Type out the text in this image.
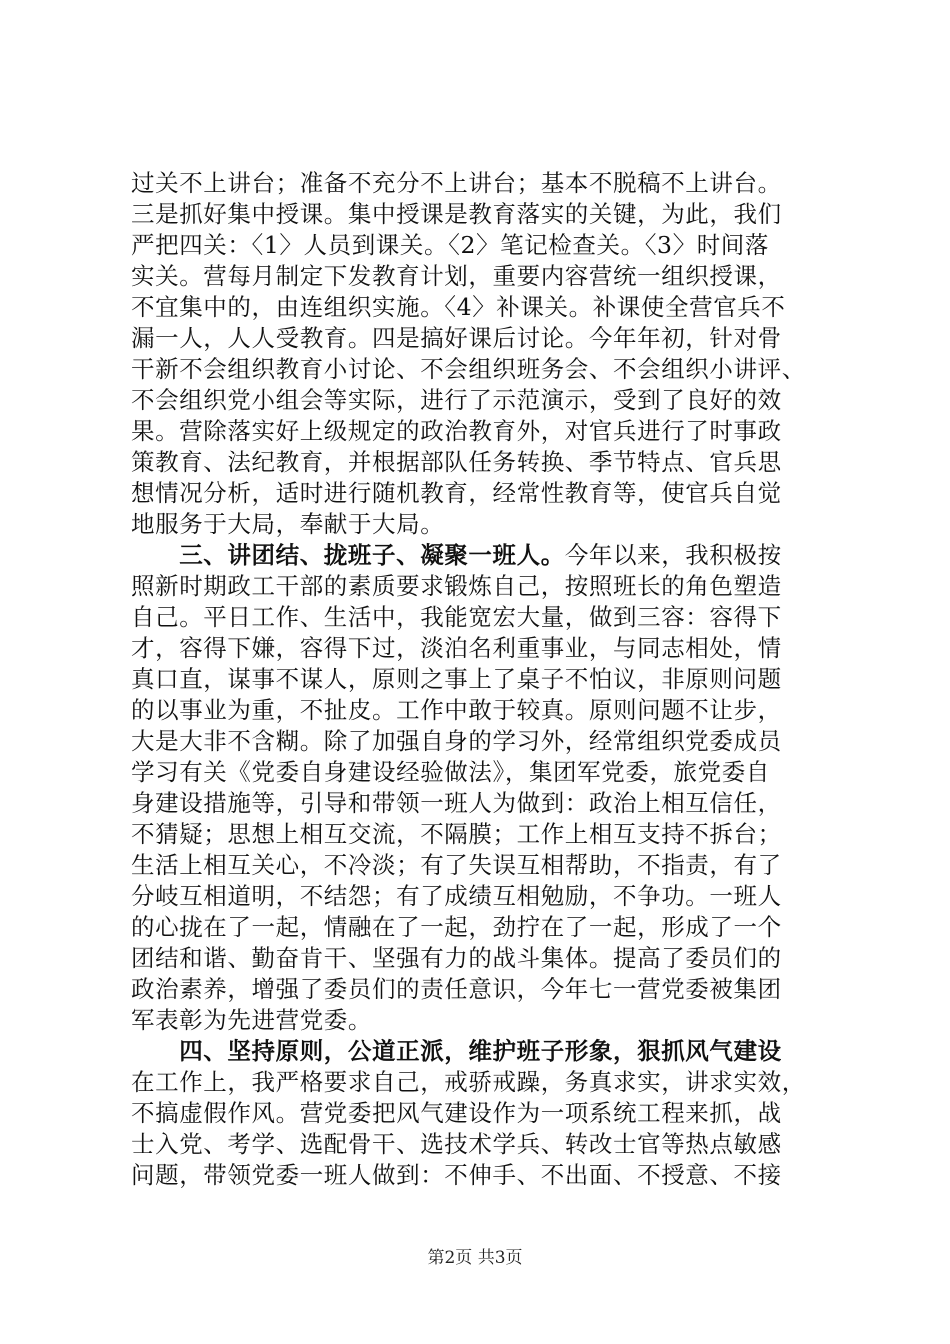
过关不上讲台；准备不充分不上讲台；基本不脱稿不上讲台。
三是抓好集中授课。集中授课是教育落实的关键，为此，我们
严把四关：〈1〉人员到课关。〈2〉笔记检查关。〈3〉时间落
实关。营每月制定下发教育计划，重要内容营统一组织授课，
不宜集中的，由连组织实施。〈4〉补课关。补课使全营官兵不
漏一人，人人受教育。四是搞好课后讨论。今年年初，针对骨
干新不会组织教育小讨论、不会组织班务会、不会组织小讲评、
不会组织党小组会等实际，进行了示范演示，受到了良好的效
果。营除落实好上级规定的政治教育外，对官兵进行了时事政
策教育、法纪教育，并根据部队任务转换、季节特点、官兵思
想情况分析，适时进行随机教育，经常性教育等，使官兵自觉
地服务于大局，奉献于大局。
　　三、讲团结、拢班子、凝聚一班人。今年以来，我积极按
照新时期政工干部的素质要求锻炼自己，按照班长的角色塑造
自己。平日工作、生活中，我能宽宏大量，做到三容：容得下
才，容得下嫌，容得下过，淡泊名利重事业，与同志相处，情
真口直，谋事不谋人，原则之事上了桌子不怕议，非原则问题
的以事业为重，不扯皮。工作中敢于较真。原则问题不让步，
大是大非不含糊。除了加强自身的学习外，经常组织党委成员
学习有关《党委自身建设经验做法》，集团军党委，旅党委自
身建设措施等，引导和带领一班人为做到：政治上相互信任，
不猜疑；思想上相互交流，不隔膜；工作上相互支持不拆台；
生活上相互关心，不冷淡；有了失误互相帮助，不指责，有了
分岐互相道明，不结怨；有了成绩互相勉励，不争功。一班人
的心拢在了一起，情融在了一起，劲拧在了一起，形成了一个
团结和谐、勤奋肯干、坚强有力的战斗集体。提高了委员们的
政治素养，增强了委员们的责任意识，今年七一营党委被集团
军表彰为先进营党委。
　　四、坚持原则，公道正派，维护班子形象，狠抓风气建设
在工作上，我严格要求自己，戒骄戒躁，务真求实，讲求实效，
不搞虚假作风。营党委把风气建设作为一项系统工程来抓，战
士入党、考学、选配骨干、选技术学兵、转改士官等热点敏感
问题，带领党委一班人做到：不伸手、不出面、不授意、不接
第2页 共3页
